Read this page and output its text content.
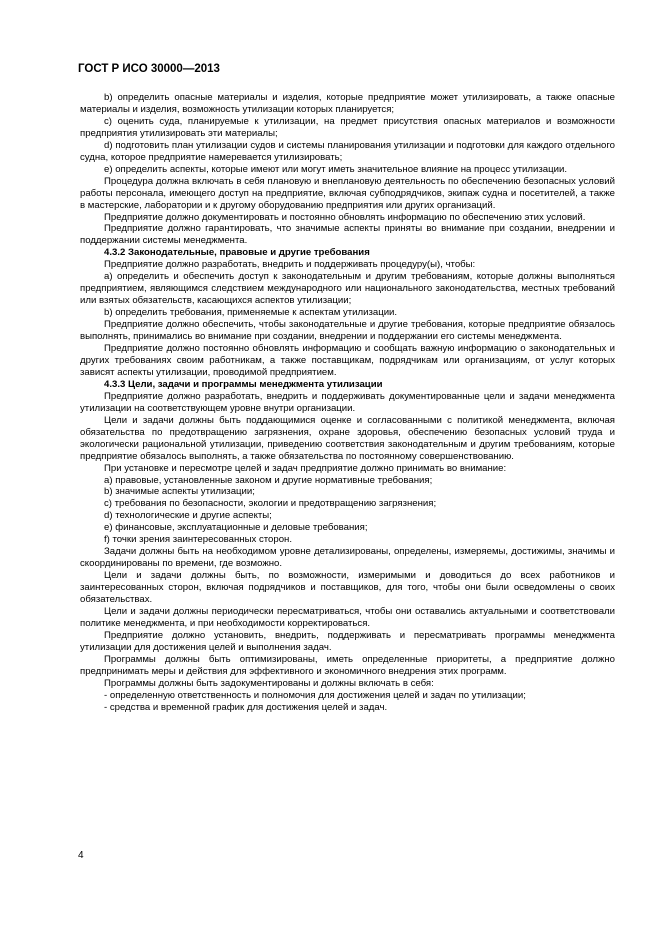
ГОСТ Р ИСО 30000—2013

b) определить опасные материалы и изделия, которые предприятие может утилизировать, а также опасные материалы и изделия, возможность утилизации которых планируется;

c) оценить суда, планируемые к утилизации, на предмет присутствия опасных материалов и возможности предприятия утилизировать эти материалы;

d) подготовить план утилизации судов и системы планирования утилизации и подготовки для каждого отдельного судна, которое предприятие намеревается утилизировать;

e) определить аспекты, которые имеют или могут иметь значительное влияние на процесс утилизации.

Процедура должна включать в себя плановую и внеплановую деятельность по обеспечению безопасных условий работы персонала, имеющего доступ на предприятие, включая субподрядчиков, экипаж судна и посетителей, а также в мастерские, лаборатории и к другому оборудованию предприятия или других организаций.

Предприятие должно документировать и постоянно обновлять информацию по обеспечению этих условий.

Предприятие должно гарантировать, что значимые аспекты приняты во внимание при создании, внедрении и поддержании системы менеджмента.

4.3.2 Законодательные, правовые и другие требования

Предприятие должно разработать, внедрить и поддерживать процедуру(ы), чтобы:

a) определить и обеспечить доступ к законодательным и другим требованиям, которые должны выполняться предприятием, являющимся следствием международного или национального законодательства, местных требований или взятых обязательств, касающихся аспектов утилизации;

b) определить требования, применяемые к аспектам утилизации.

Предприятие должно обеспечить, чтобы законодательные и другие требования, которые предприятие обязалось выполнять, принимались во внимание при создании, внедрении и поддержании его системы менеджмента.

Предприятие должно постоянно обновлять информацию и сообщать важную информацию о законодательных и других требованиях своим работникам, а также поставщикам, подрядчикам или организациям, от услуг которых зависят аспекты утилизации, проводимой предприятием.

4.3.3 Цели, задачи и программы менеджмента утилизации

Предприятие должно разработать, внедрить и поддерживать документированные цели и задачи менеджмента утилизации на соответствующем уровне внутри организации.

Цели и задачи должны быть поддающимися оценке и согласованными с политикой менеджмента, включая обязательства по предотвращению загрязнения, охране здоровья, обеспечению безопасных условий труда и экологически рациональной утилизации, приведению соответствия законодательным и другим требованиям, которые предприятие обязалось выполнять, а также обязательства по постоянному совершенствованию.

При установке и пересмотре целей и задач предприятие должно принимать во внимание:

a) правовые, установленные законом и другие нормативные требования;

b) значимые аспекты утилизации;

c) требования по безопасности, экологии и предотвращению загрязнения;

d) технологические и другие аспекты;

e) финансовые, эксплуатационные и деловые требования;

f) точки зрения заинтересованных сторон.

Задачи должны быть на необходимом уровне детализированы, определены, измеряемы, достижимы, значимы и скоординированы по времени, где возможно.

Цели и задачи должны быть, по возможности, измеримыми и доводиться до всех работников и заинтересованных сторон, включая подрядчиков и поставщиков, для того, чтобы они были осведомлены о своих обязательствах.

Цели и задачи должны периодически пересматриваться, чтобы они оставались актуальными и соответствовали политике менеджмента, и при необходимости корректироваться.

Предприятие должно установить, внедрить, поддерживать и пересматривать программы менеджмента утилизации для достижения целей и выполнения задач.

Программы должны быть оптимизированы, иметь определенные приоритеты, а предприятие должно предпринимать меры и действия для эффективного и экономичного внедрения этих программ.

Программы должны быть задокументированы и должны включать в себя:

- определенную ответственность и полномочия для достижения целей и задач по утилизации;

- средства и временной график для достижения целей и задач.

4
